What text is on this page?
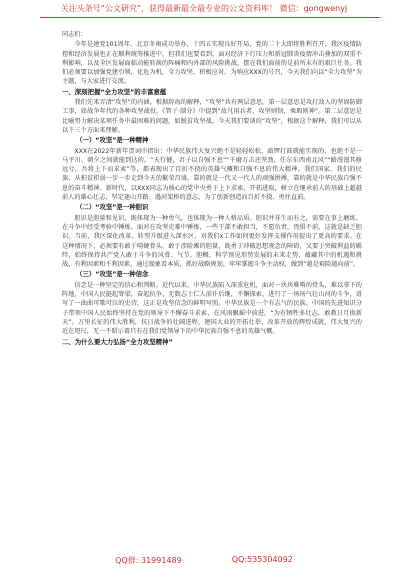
关注头条号“公文研究”，获得最新最全最专业的公文资料库！ 微信：gongwenyj

同志们：

今年是建党101周年、北京冬奥成功举办，十四五实现良好开局，党的二十大即将胜利召开，我区疫情防控和经济发展也正在顺利统筹推进中，但我们也要看到，面对经济下行压力和新冠肺炎疫情冲击叠加的双重不利影响，以及全区发展面临动能转换的阵痛和内外部的风险挑战，摆在我们面前的是前所未有的艰巨任务。我们必须要以加强党建引领，化危为机，全力攻坚，积极应对。为响应XXX的号召，今天我们向以“全力攻坚”为主题，与大家进行交流。

一、深刻把握“全力攻坚”的丰富意蕴

我们先来弄清“攻坚”的内涵。根据辞海的解释，“攻坚”共有两层意思。第一层意思是攻打敌人的坚固防御工事，如战争年代的各种攻坚战役。《管子·制分》中提到“故凡用兵者，攻坚则韧，乘瑕则神”。第二层意思是比喻努力解决某项任务中最困难的问题，如脱贫攻坚战。今天我们要谈的“攻坚”，根据这个解释，我们可以从以下三个方面来理解。

（一）“攻坚”是一种精神

XXX在2022年新年贺词中指出：中华民族伟大复兴绝不是轻轻松松、敲锣打鼓就能实现的，也绝不是一马平川、朝夕之间就能到达的。“天行健，君子以自强不息”“千磨万击还坚劲，任尔东西南北风”“路漫漫其修远兮，吾将上下而求索”等，都表现出了百折不挠的英雄气概和自强不息的伟大精神。我们国家，我们的民族，从积贫积弱一步一步走到今天的繁荣昌盛，靠的就是一代又一代人的顽强拼搏，靠的就是中华民族自强不息的奋斗精神。新时代，以XXX同志为核心的党中央勇于上下求索，开拓进取，树立在继承前人的基础上超越前人的雄心壮志，坚定逢山开路、遇河架桥的意志，为了创新创造而百折不挠、勇往直前。

（二）“攻坚”是一种胆识

胆识是胆量和见识，既体现为一种勇气，也体现为一种人格品质。胆识并非生而有之，需要在事上磨练、在斗争中经受考验中锤炼。面对在攻坚克难中锤炼，一些干部不敢担当，不愿负责，畏惧不前，这就是缺乏胆识。当前，我区深化改革、转型升级进入深水区，对我们x工作如何更好发挥支撑作用提出了更高的要求。在这种情况下，必须要有敢于啃硬骨头、敢于涉险滩的胆量，既勇于冲破思想观念的障碍，又要于突破利益的羁绊，始终保持共产党人敢于斗争的风骨、气节、胆概，科学预见形势发展的未来走势、蕴藏其中的机遇和挑战，有利因素和不利因素，通过现象看本质，抓好战略规划，牢牢掌握斗争主动权，做到“越是艰险越向前”。

（三）“攻坚”是一种信念

信念是一种坚定的信心和判断。近代以来，中华民族陷入深重危机，面对一块块难啃的骨头，难以拿下的阵地，中国人民挺起脊梁，奋起抗争，无数志士仁人前仆后继，不懈探索，进行了一场场气壮山河的斗争，谱写了一曲曲可歌可泣的史诗，这正是攻坚信念的鲜明写照。中华民族是一个有志气的民族。中国的先进知识分子带领中国人民始终坚持在党的领导下不懈奋斗求索，在风雨飘摇中前进，“为有牺牲多壮志，敢教日月换新天”。万里长征的伟大胜利，抗日战争的壮阔进程，建国大业的开拓壮举，改革开放的辉煌成就，伟大复兴的近在咫尺，无一不昭示着只有在我们党领导下的中华民族自强不息的英雄气概。

二、为什么要大力弘扬“全力攻坚精神”
QQ群: 31991489	QQ:535304092
